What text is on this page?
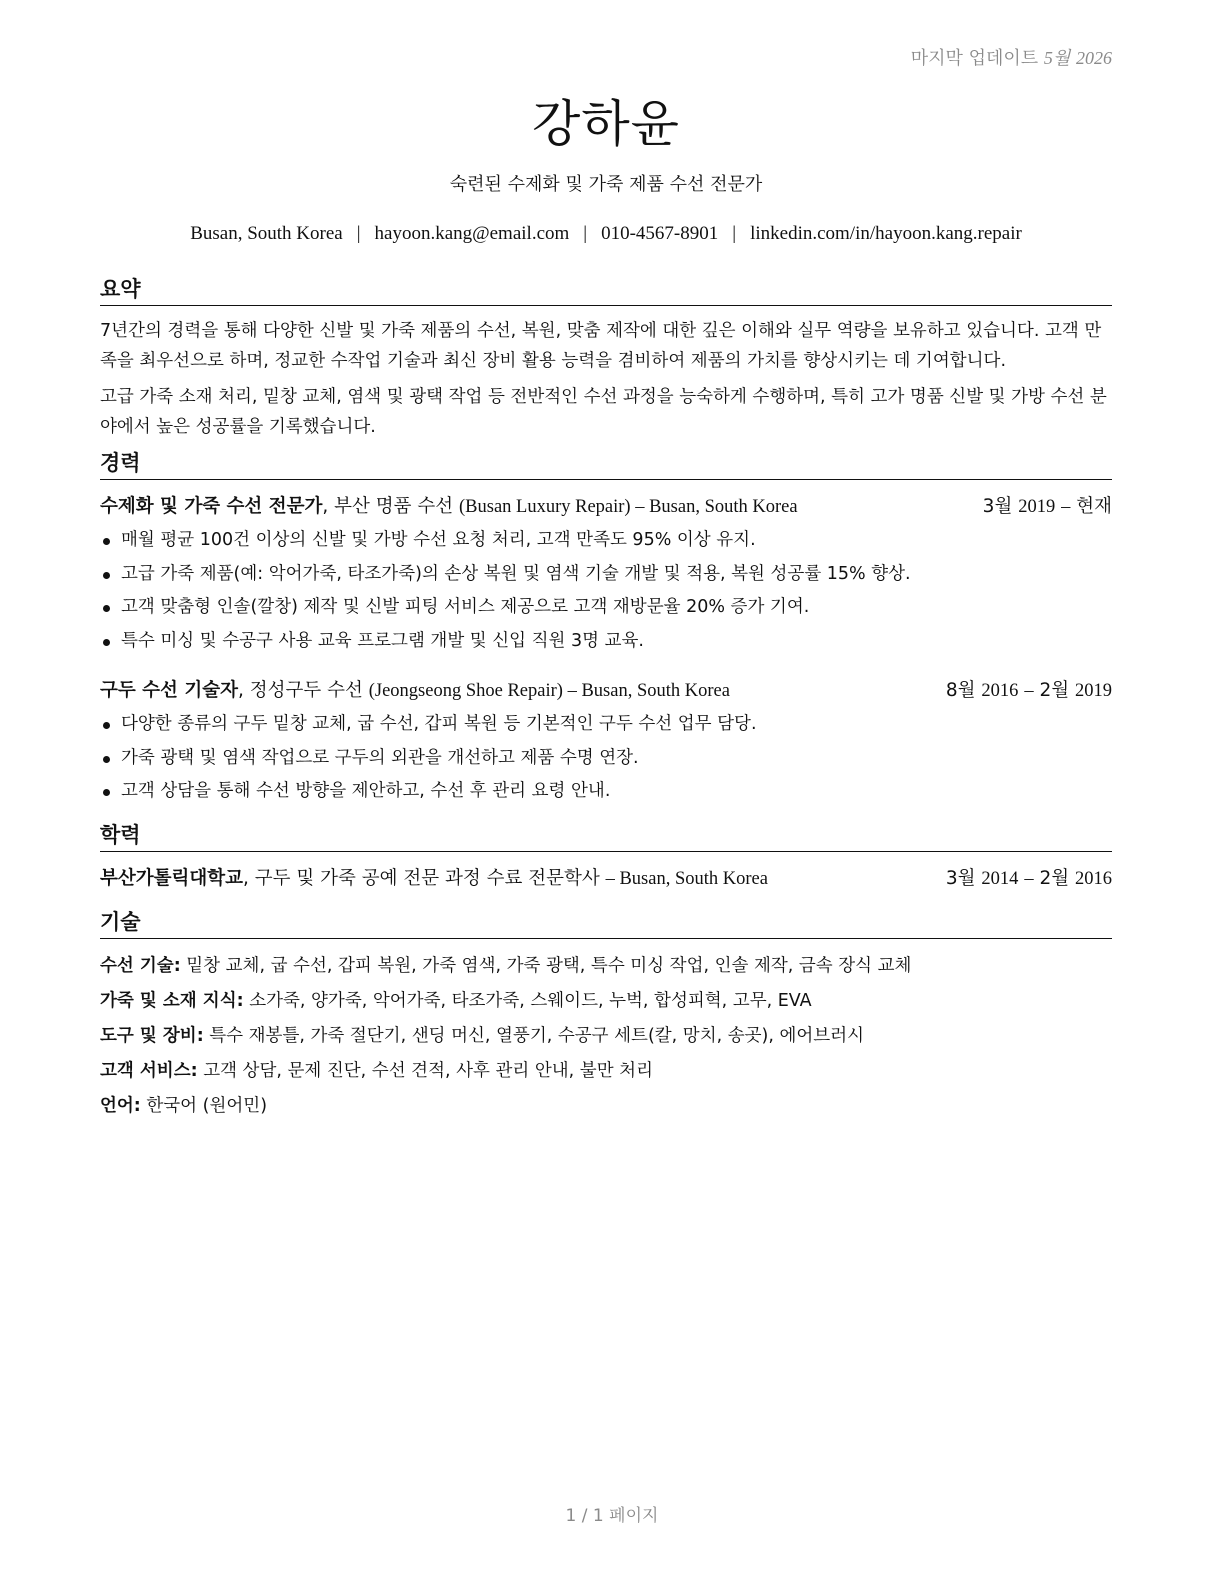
마지막 업데이트 5월 2026
강하윤
숙련된 수제화 및 가죽 제품 수선 전문가
Busan, South Korea | hayoon.kang@email.com | 010-4567-8901 | linkedin.com/in/hayoon.kang.repair
요약

7년간의 경력을 통해 다양한 신발 및 가죽 제품의 수선, 복원, 맞춤 제작에 대한 깊은 이해와 실무 역량을 보유하고 있습니다. 고객 만족을 최우선으로 하며, 정교한 수작업 기술과 최신 장비 활용 능력을 겸비하여 제품의 가치를 향상시키는 데 기여합니다.

고급 가죽 소재 처리, 밑창 교체, 염색 및 광택 작업 등 전반적인 수선 과정을 능숙하게 수행하며, 특히 고가 명품 신발 및 가방 수선 분야에서 높은 성공률을 기록했습니다.

경력
수제화 및 가죽 수선 전문가, 부산 명품 수선 (Busan Luxury Repair) – Busan, South Korea	3월 2019 – 현재
매월 평균 100건 이상의 신발 및 가방 수선 요청 처리, 고객 만족도 95% 이상 유지.
고급 가죽 제품(예: 악어가죽, 타조가죽)의 손상 복원 및 염색 기술 개발 및 적용, 복원 성공률 15% 향상.
고객 맞춤형 인솔(깔창) 제작 및 신발 피팅 서비스 제공으로 고객 재방문율 20% 증가 기여.
특수 미싱 및 수공구 사용 교육 프로그램 개발 및 신입 직원 3명 교육.
구두 수선 기술자, 정성구두 수선 (Jeongseong Shoe Repair) – Busan, South Korea	8월 2016 – 2월 2019
다양한 종류의 구두 밑창 교체, 굽 수선, 갑피 복원 등 기본적인 구두 수선 업무 담당.
가죽 광택 및 염색 작업으로 구두의 외관을 개선하고 제품 수명 연장.
고객 상담을 통해 수선 방향을 제안하고, 수선 후 관리 요령 안내.
학력
부산가톨릭대학교, 구두 및 가죽 공예 전문 과정 수료 전문학사 – Busan, South Korea	3월 2014 – 2월 2016
기술
수선 기술: 밑창 교체, 굽 수선, 갑피 복원, 가죽 염색, 가죽 광택, 특수 미싱 작업, 인솔 제작, 금속 장식 교체
가죽 및 소재 지식: 소가죽, 양가죽, 악어가죽, 타조가죽, 스웨이드, 누벅, 합성피혁, 고무, EVA
도구 및 장비: 특수 재봉틀, 가죽 절단기, 샌딩 머신, 열풍기, 수공구 세트(칼, 망치, 송곳), 에어브러시
고객 서비스: 고객 상담, 문제 진단, 수선 견적, 사후 관리 안내, 불만 처리
언어: 한국어 (원어민)
1 / 1 페이지
